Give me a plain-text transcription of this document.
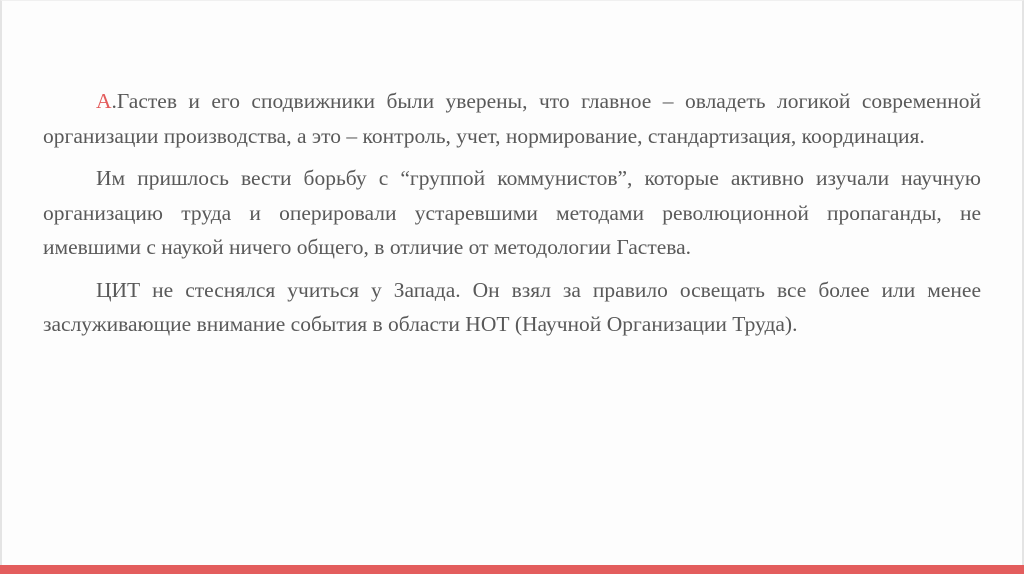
А.Гастев и его сподвижники были уверены, что главное – овладеть логикой современной организации производства, а это – контроль, учет, нормирование, стандартизация, координация.

Им пришлось вести борьбу с “группой коммунистов”, которые активно изучали научную организацию труда и оперировали устаревшими методами революционной пропаганды, не имевшими с наукой ничего общего, в отличие от методологии Гастева.

ЦИТ не стеснялся учиться у Запада. Он взял за правило освещать все более или менее заслуживающие внимание события в области НОТ (Научной Организации Труда).
